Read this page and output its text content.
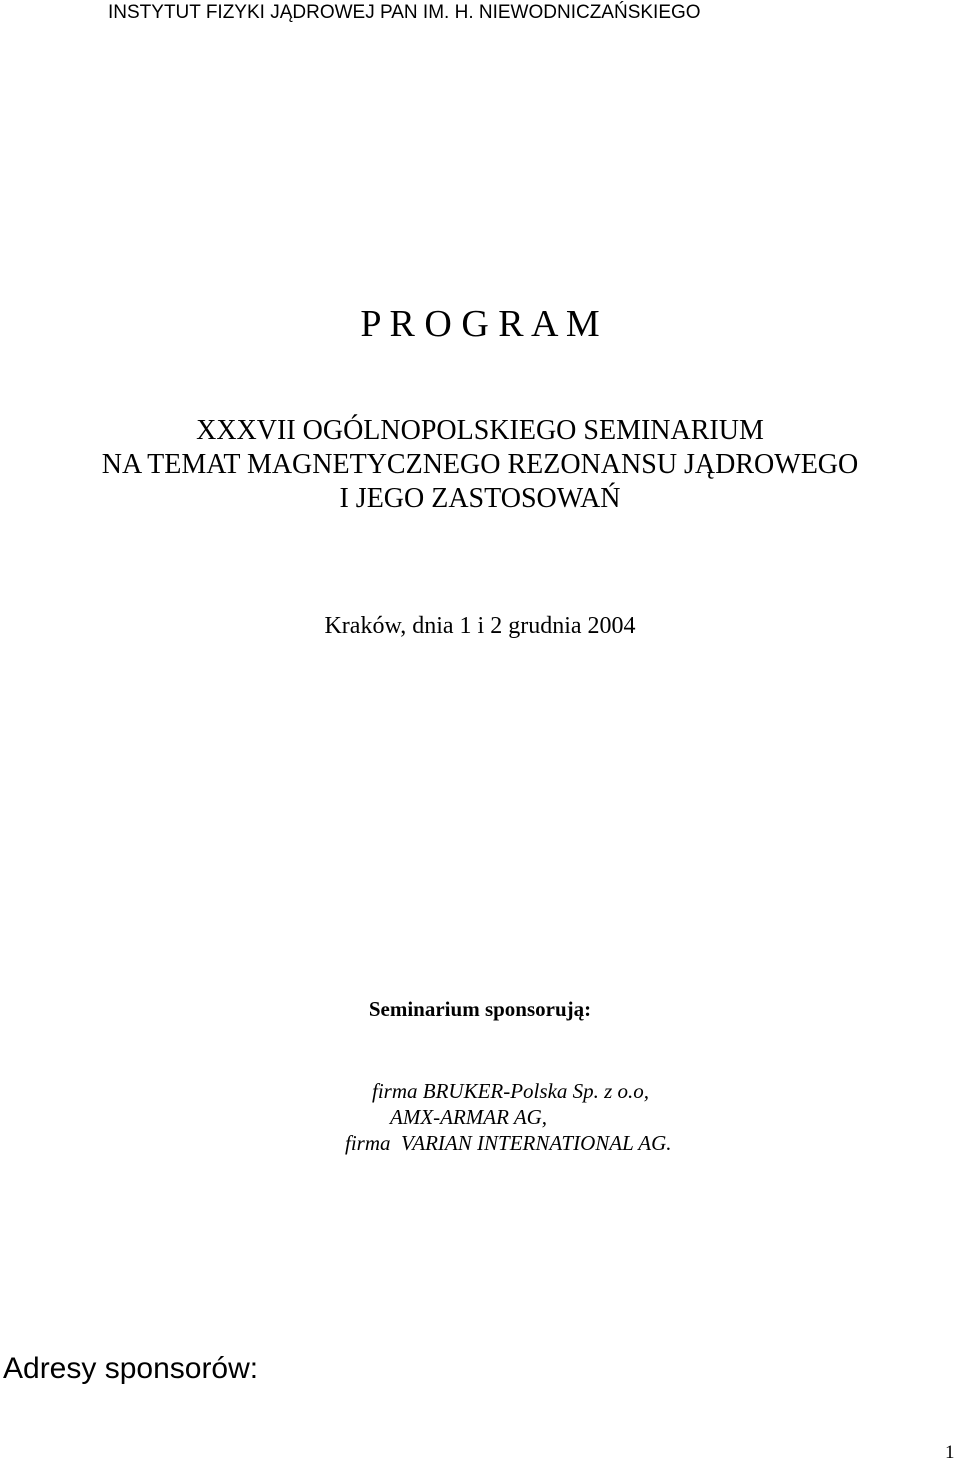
INSTYTUT FIZYKI JĄDROWEJ PAN IM. H. NIEWODNICZAŃSKIEGO
P R O G R A M
XXXVII OGÓLNOPOLSKIEGO SEMINARIUM
NA TEMAT MAGNETYCZNEGO REZONANSU JĄDROWEGO
I JEGO ZASTOSOWAŃ
Kraków, dnia 1 i 2 grudnia 2004
Seminarium sponsorują:
firma BRUKER-Polska Sp. z o.o,
AMX-ARMAR AG,
firma  VARIAN INTERNATIONAL AG.
Adresy sponsorów:
1
